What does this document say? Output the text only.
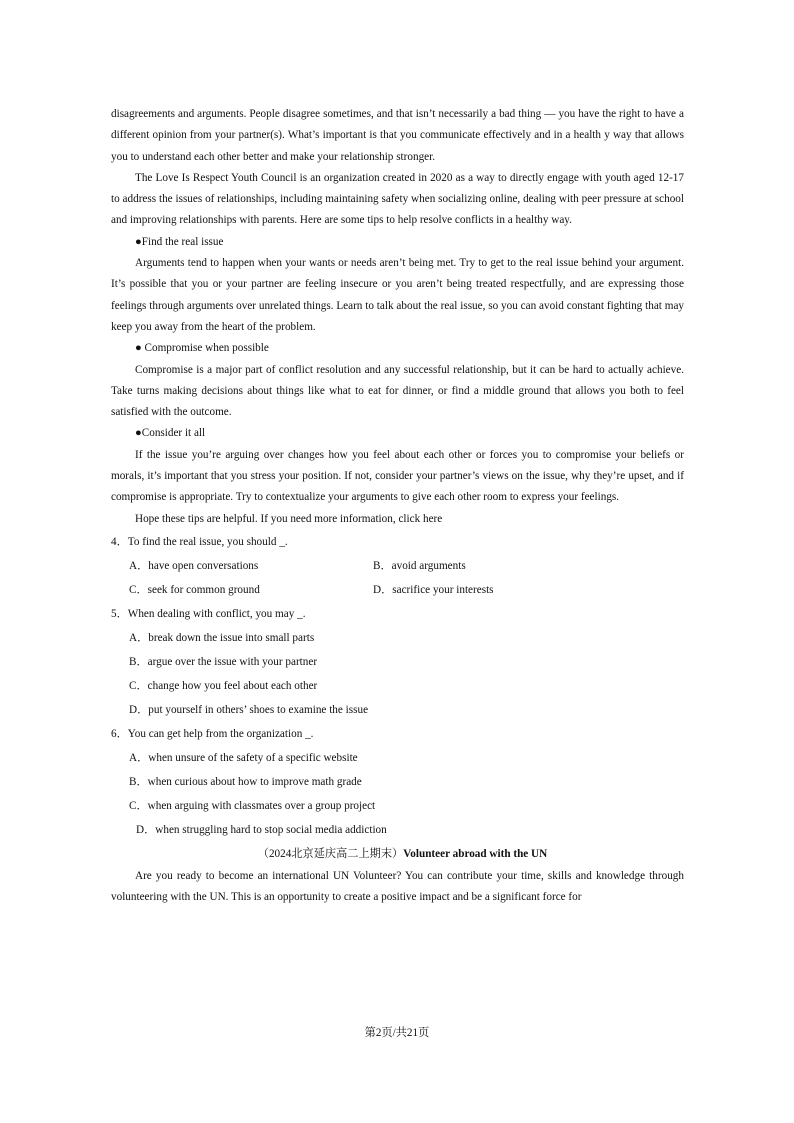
disagreements and arguments. People disagree sometimes, and that isn’t necessarily a bad thing — you have the right to have a different opinion from your partner(s). What’s important is that you communicate effectively and in a health y way that allows you to understand each other better and make your relationship stronger.

The Love Is Respect Youth Council is an organization created in 2020 as a way to directly engage with youth aged 12-17 to address the issues of relationships, including maintaining safety when socializing online, dealing with peer pressure at school and improving relationships with parents. Here are some tips to help resolve conflicts in a healthy way.

●Find the real issue

Arguments tend to happen when your wants or needs aren’t being met. Try to get to the real issue behind your argument. It’s possible that you or your partner are feeling insecure or you aren’t being treated respectfully, and are expressing those feelings through arguments over unrelated things. Learn to talk about the real issue, so you can avoid constant fighting that may keep you away from the heart of the problem.

● Compromise when possible

Compromise is a major part of conflict resolution and any successful relationship, but it can be hard to actually achieve. Take turns making decisions about things like what to eat for dinner, or find a middle ground that allows you both to feel satisfied with the outcome.

●Consider it all

If the issue you’re arguing over changes how you feel about each other or forces you to compromise your beliefs or morals, it’s important that you stress your position. If not, consider your partner’s views on the issue, why they’re upset, and if compromise is appropriate. Try to contextualize your arguments to give each other room to express your feelings.

Hope these tips are helpful. If you need more information, click here

4．To find the real issue, you should _.

A．have open conversations	B．avoid arguments

C．seek for common ground	D．sacrifice your interests

5．When dealing with conflict, you may _.

A．break down the issue into small parts

B．argue over the issue with your partner

C．change how you feel about each other

D．put yourself in others’ shoes to examine the issue

6．You can get help from the organization _.

A．when unsure of the safety of a specific website

B．when curious about how to improve math grade

C．when arguing with classmates over a group project

D．when struggling hard to stop social media addiction

（2024北京延庆高二上期末）Volunteer abroad with the UN

Are you ready to become an international UN Volunteer? You can contribute your time, skills and knowledge through volunteering with the UN. This is an opportunity to create a positive impact and be a significant force for

第2页/共21页
